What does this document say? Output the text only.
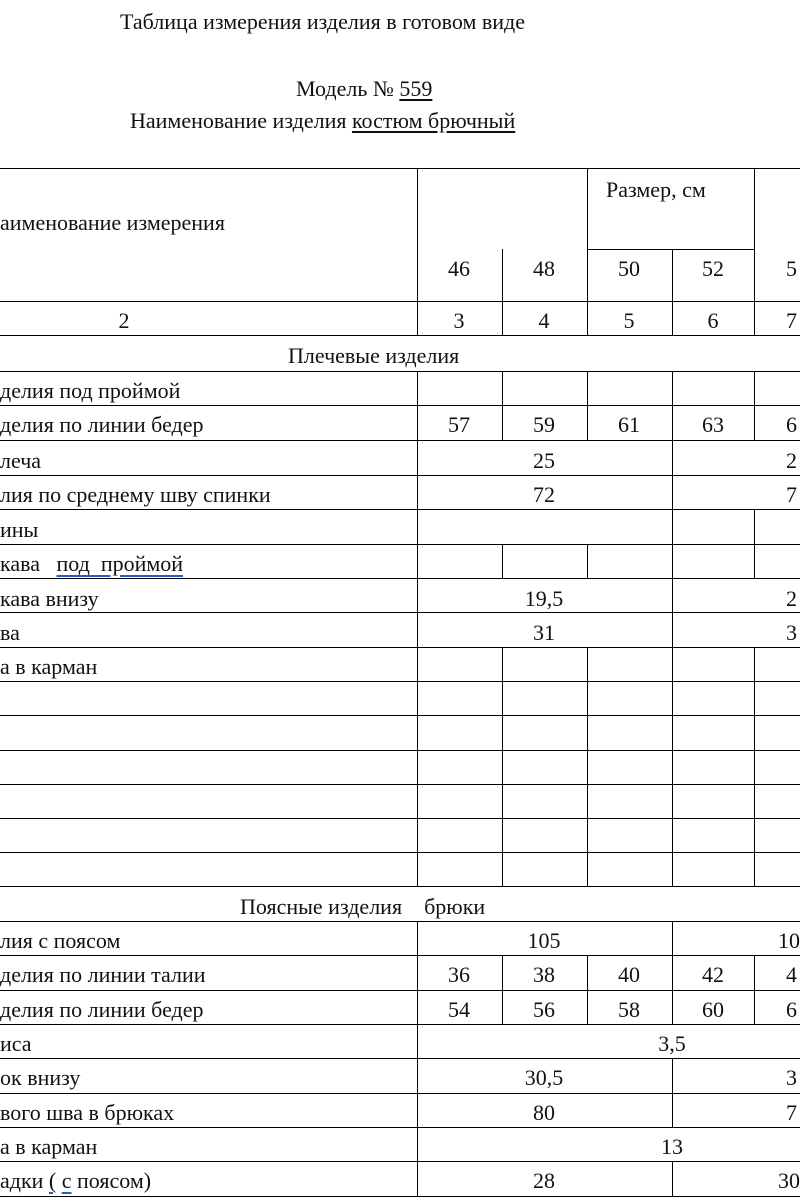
Таблица измерения изделия в готовом виде
Модель № 559
Наименование изделия костюм брючный
аименование измерения
Размер, см
46	48	50	52	5
2	3	4	5	6	7
Плечевые изделия
делия под проймой
делия по линии бедер	57	59	61	63	6
леча	25	2
лия по среднему шву спинки	72	7
ины
кава под  проймой
кава внизу	19,5	2
ва	31	3
а в карман
Поясные изделия    брюки
лия с поясом	105	10
делия по линии талии	36	38	40	42	4
делия по линии бедер	54	56	58	60	6
иса	3,5
ок внизу	30,5	3
вого шва в брюках	80	7
а в карман	13
адки ( с поясом)	28	30
